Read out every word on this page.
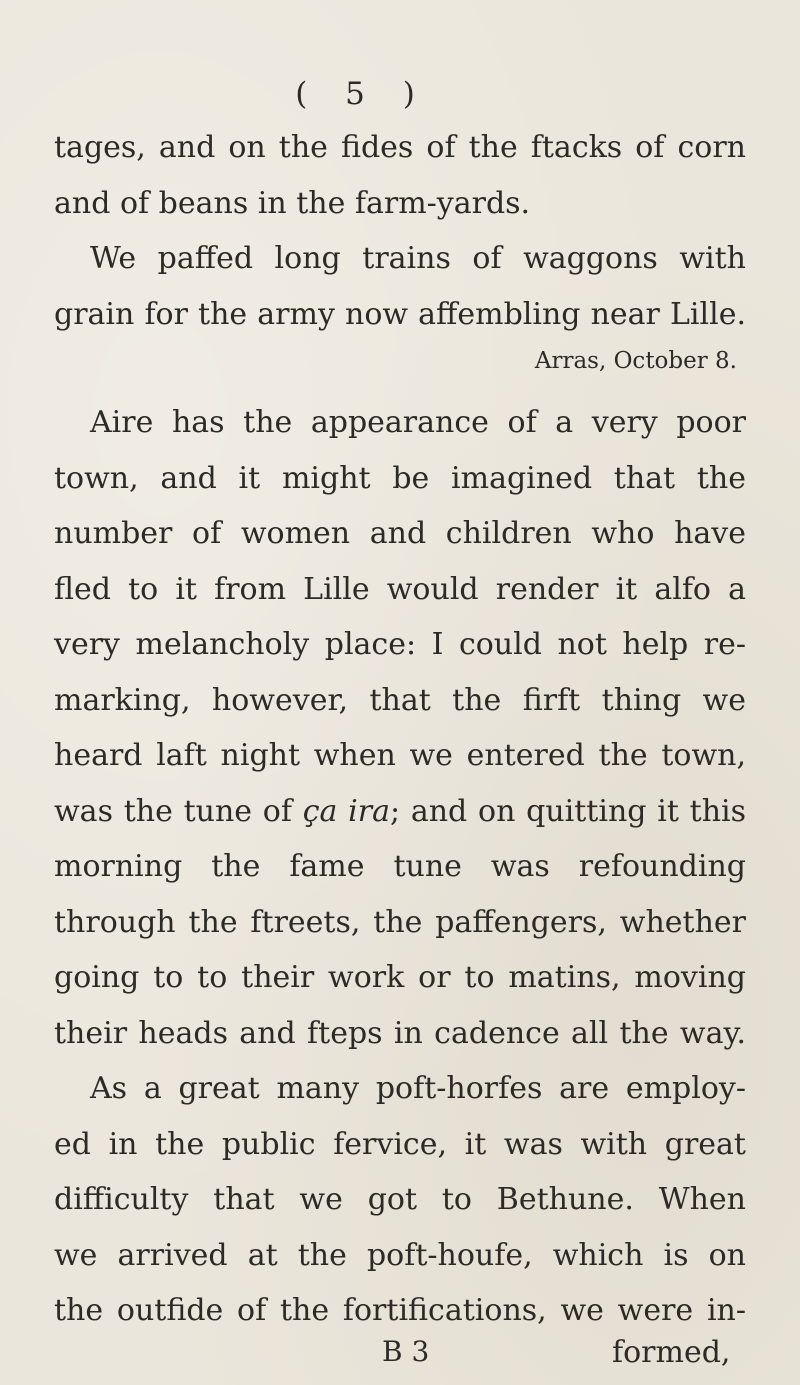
( 5 )
tages, and on the fides of the ftacks of corn
and of beans in the farm-yards.
We paffed long trains of waggons with
grain for the army now affembling near Lille.
Arras, October 8.
Aire has the appearance of a very poor
town, and it might be imagined that the
number of women and children who have
fled to it from Lille would render it alfo a
very melancholy place: I could not help re-
marking, however, that the firft thing we
heard laft night when we entered the town,
was the tune of ça ira; and on quitting it this
morning the fame tune was refounding
through the ftreets, the paffengers, whether
going to to their work or to matins, moving
their heads and fteps in cadence all the way.
As a great many poft-horfes are employ-
ed in the public fervice, it was with great
difficulty that we got to Bethune. When
we arrived at the poft-houfe, which is on
the outfide of the fortifications, we were in-
B 3	formed,
